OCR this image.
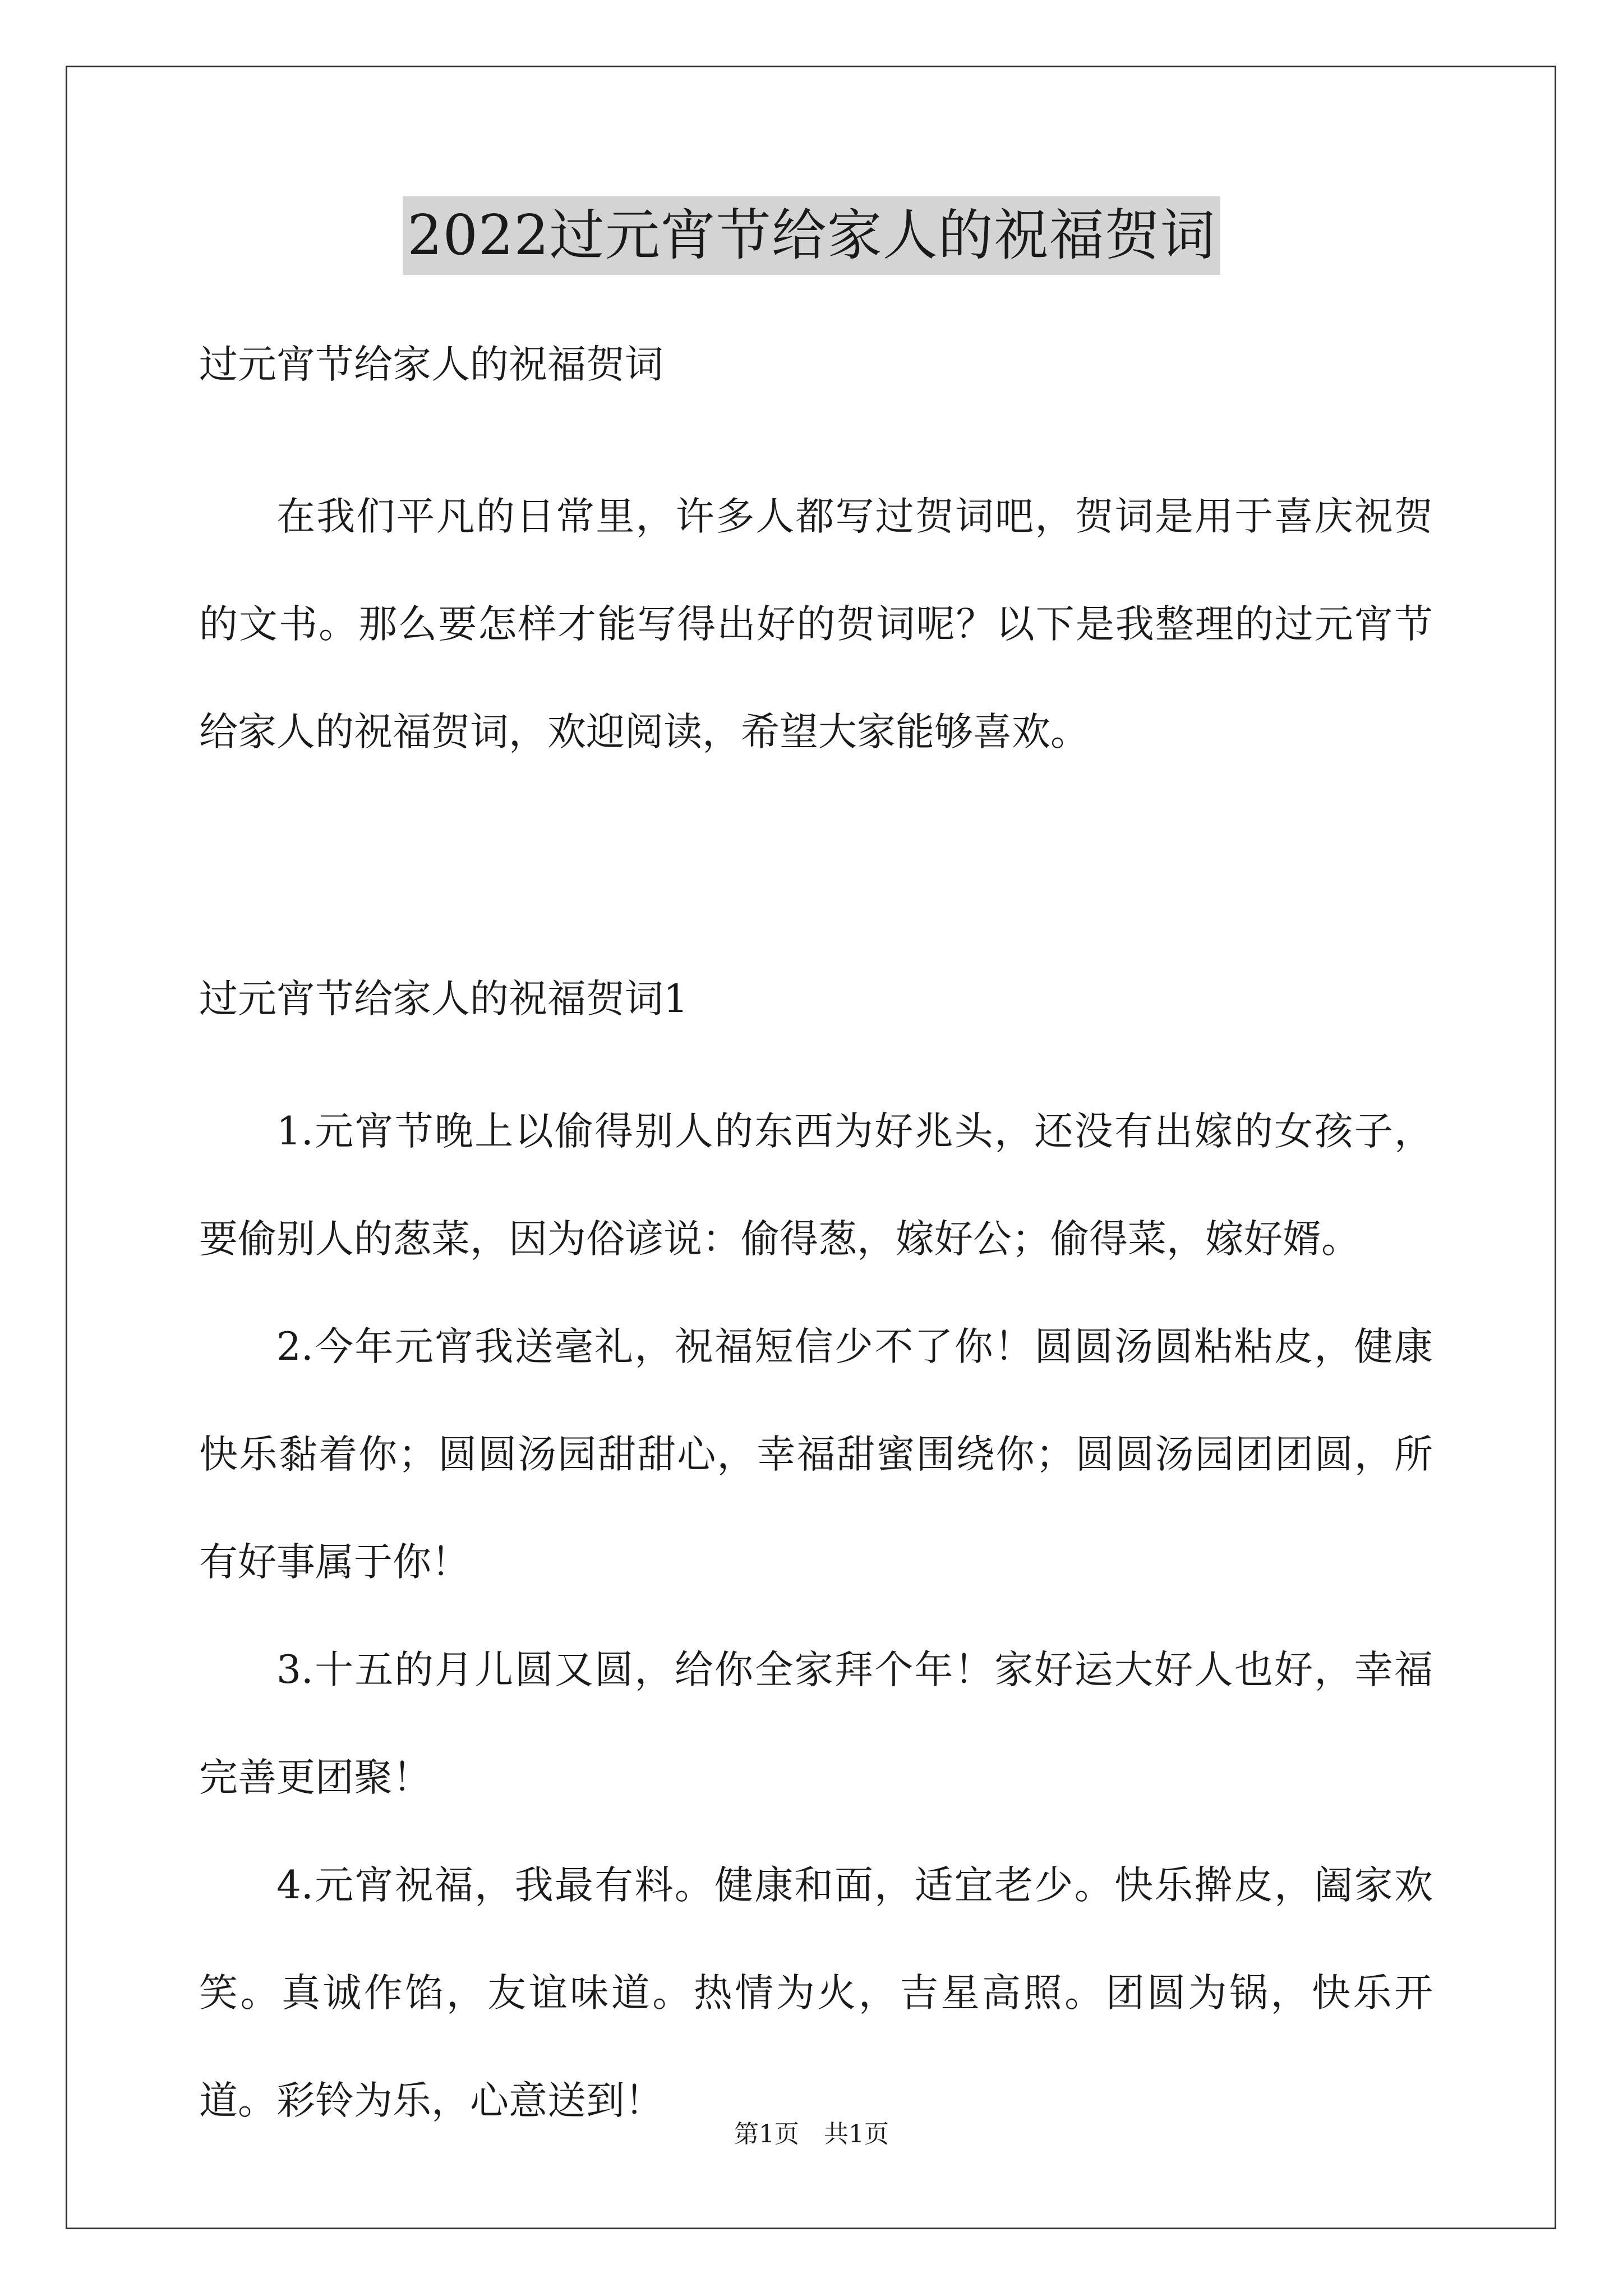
2022过元宵节给家人的祝福贺词

过元宵节给家人的祝福贺词

在我们平凡的日常里，许多人都写过贺词吧，贺词是用于喜庆祝贺的文书。那么要怎样才能写得出好的贺词呢？以下是我整理的过元宵节给家人的祝福贺词，欢迎阅读，希望大家能够喜欢。

过元宵节给家人的祝福贺词1

1.元宵节晚上以偷得别人的东西为好兆头，还没有出嫁的女孩子，要偷别人的葱菜，因为俗谚说：偷得葱，嫁好公；偷得菜，嫁好婿。

2.今年元宵我送毫礼，祝福短信少不了你！圆圆汤圆粘粘皮，健康快乐黏着你；圆圆汤园甜甜心，幸福甜蜜围绕你；圆圆汤园团团圆，所有好事属于你！

3.十五的月儿圆又圆，给你全家拜个年！家好运大好人也好，幸福完善更团聚！

4.元宵祝福，我最有料。健康和面，适宜老少。快乐擀皮，阖家欢笑。真诚作馅，友谊味道。热情为火，吉星高照。团圆为锅，快乐开道。彩铃为乐，心意送到！

第1页　共1页
